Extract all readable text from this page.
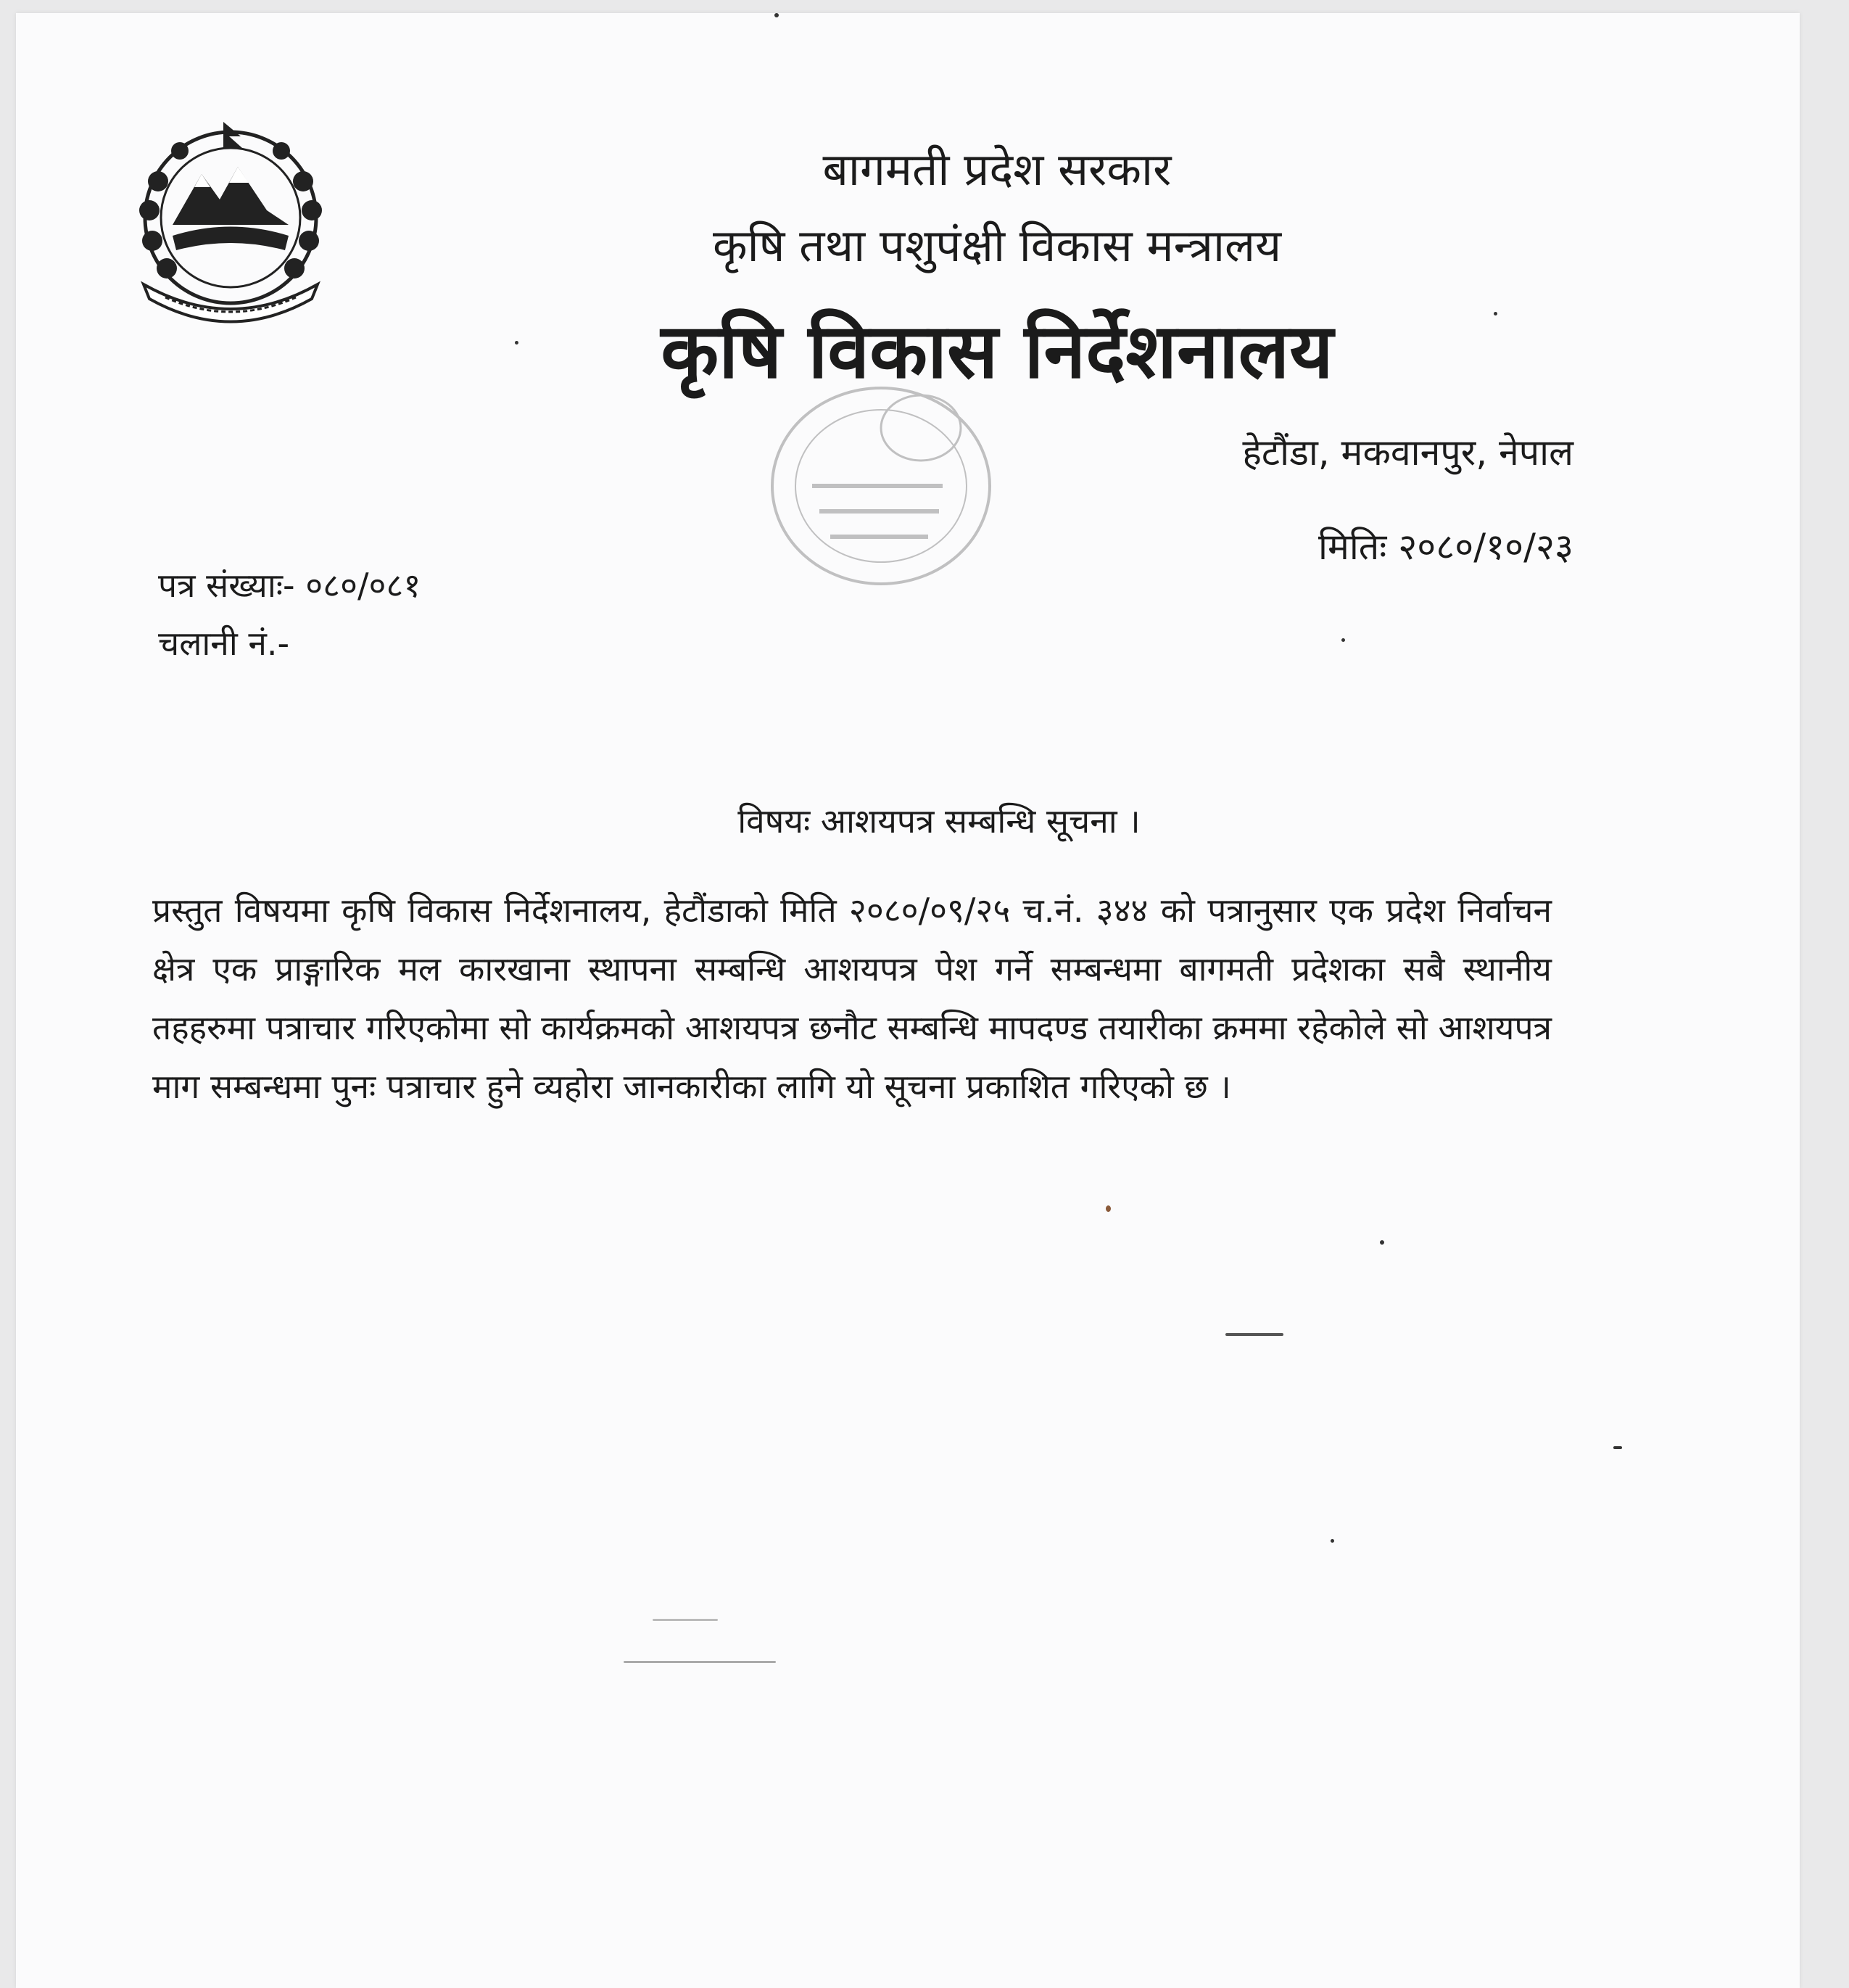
बागमती प्रदेश सरकार
कृषि तथा पशुपंक्षी विकास मन्त्रालय
कृषि विकास निर्देशनालय
हेटौंडा, मकवानपुर, नेपाल
मितिः २०८०/१०/२३
पत्र संख्याः- ०८०/०८१
चलानी नं.-
विषयः आशयपत्र सम्बन्धि सूचना ।
प्रस्तुत विषयमा कृषि विकास निर्देशनालय, हेटौंडाको मिति २०८०/०९/२५ च.नं. ३४४ को पत्रानुसार एक प्रदेश निर्वाचन क्षेत्र एक प्राङ्गारिक मल कारखाना स्थापना सम्बन्धि आशयपत्र पेश गर्ने सम्बन्धमा बागमती प्रदेशका सबै स्थानीय तहहरुमा पत्राचार गरिएकोमा सो कार्यक्रमको आशयपत्र छनौट सम्बन्धि मापदण्ड तयारीका क्रममा रहेकोले सो आशयपत्र माग सम्बन्धमा पुनः पत्राचार हुने व्यहोरा जानकारीका लागि यो सूचना प्रकाशित गरिएको छ ।
